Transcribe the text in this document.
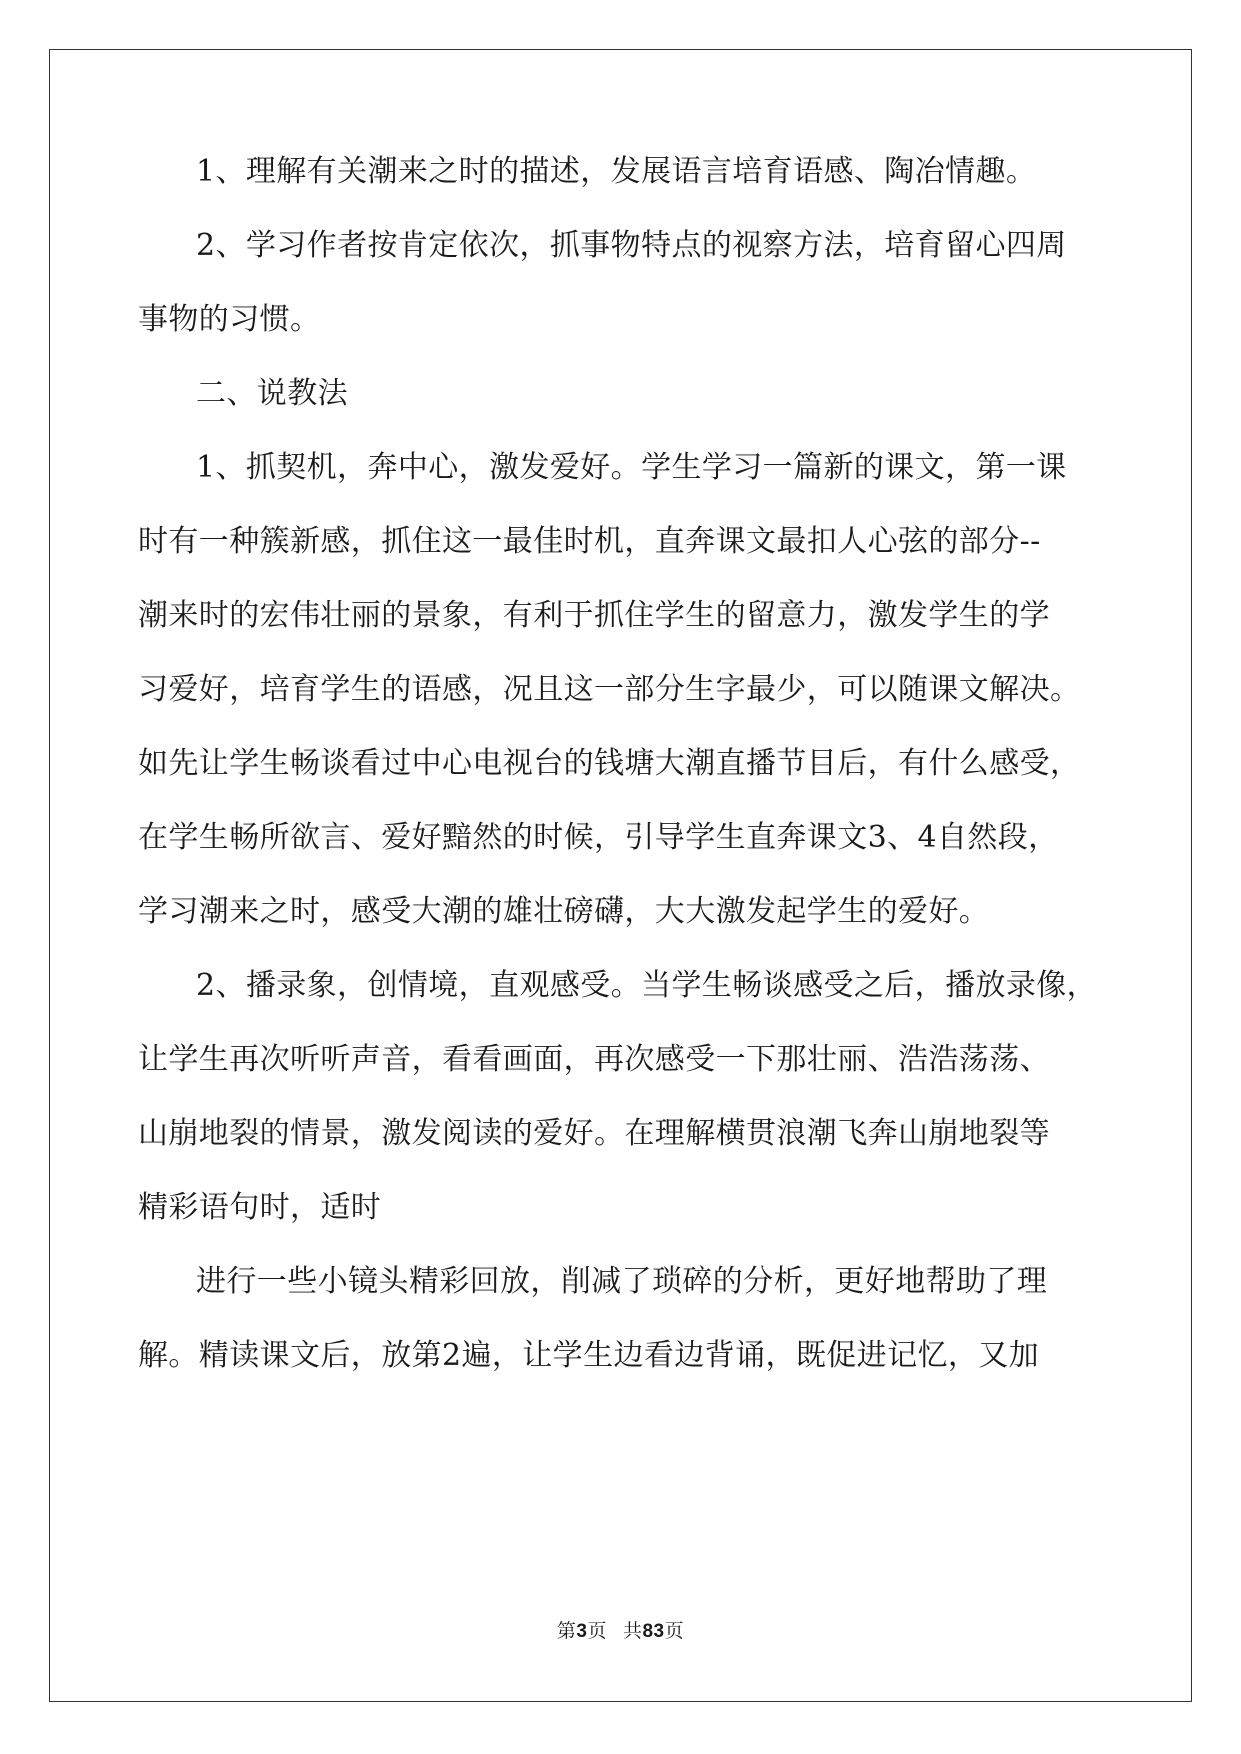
1、理解有关潮来之时的描述，发展语言培育语感、陶冶情趣。

2、学习作者按肯定依次，抓事物特点的视察方法，培育留心四周

事物的习惯。

二、说教法

1、抓契机，奔中心，激发爱好。学生学习一篇新的课文，第一课

时有一种簇新感，抓住这一最佳时机，直奔课文最扣人心弦的部分--

潮来时的宏伟壮丽的景象，有利于抓住学生的留意力，激发学生的学

习爱好，培育学生的语感，况且这一部分生字最少，可以随课文解决。

如先让学生畅谈看过中心电视台的钱塘大潮直播节目后，有什么感受，

在学生畅所欲言、爱好黯然的时候，引导学生直奔课文3、4自然段，

学习潮来之时，感受大潮的雄壮磅礴，大大激发起学生的爱好。

2、播录象，创情境，直观感受。当学生畅谈感受之后，播放录像，

让学生再次听听声音，看看画面，再次感受一下那壮丽、浩浩荡荡、

山崩地裂的情景，激发阅读的爱好。在理解横贯浪潮飞奔山崩地裂等

精彩语句时，适时

进行一些小镜头精彩回放，削减了琐碎的分析，更好地帮助了理

解。精读课文后，放第2遍，让学生边看边背诵，既促进记忆，又加

第3页 共83页
